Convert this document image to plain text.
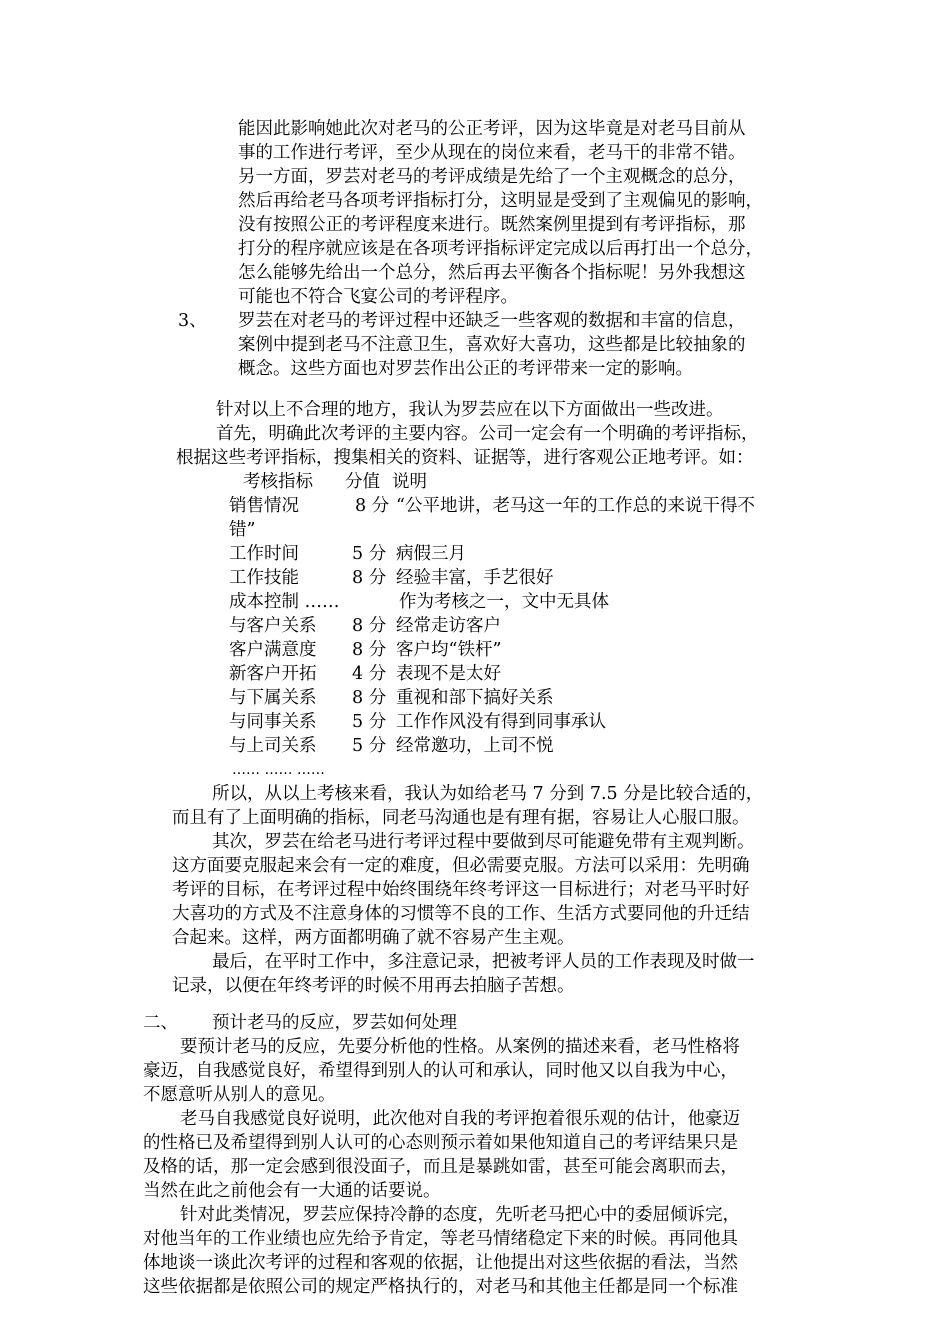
能因此影响她此次对老马的公正考评，因为这毕竟是对老马目前从
事的工作进行考评，至少从现在的岗位来看，老马干的非常不错。
另一方面，罗芸对老马的考评成绩是先给了一个主观概念的总分，
然后再给老马各项考评指标打分，这明显是受到了主观偏见的影响，
没有按照公正的考评程度来进行。既然案例里提到有考评指标，那
打分的程序就应该是在各项考评指标评定完成以后再打出一个总分，
怎么能够先给出一个总分，然后再去平衡各个指标呢！另外我想这
可能也不符合飞宴公司的考评程序。
3、 罗芸在对老马的考评过程中还缺乏一些客观的数据和丰富的信息，
案例中提到老马不注意卫生，喜欢好大喜功，这些都是比较抽象的
概念。这些方面也对罗芸作出公正的考评带来一定的影响。
针对以上不合理的地方，我认为罗芸应在以下方面做出一些改进。
首先，明确此次考评的主要内容。公司一定会有一个明确的考评指标，
根据这些考评指标，搜集相关的资料、证据等，进行客观公正地考评。如：
考核指标 分值 说明
销售情况	8 分 “公平地讲，老马这一年的工作总的来说干得不
错”
工作时间	5 分 病假三月
工作技能	8 分 经验丰富，手艺很好
成本控制 ……	作为考核之一，文中无具体
与客户关系 8 分 经常走访客户
客户满意度 8 分 客户均“铁杆”
新客户开拓 4 分 表现不是太好
与下属关系 8 分 重视和部下搞好关系
与同事关系 5 分 工作作风没有得到同事承认
与上司关系 5 分 经常邀功，上司不悦
…… …… ……
所以，从以上考核来看，我认为如给老马 7 分到 7.5 分是比较合适的，
而且有了上面明确的指标，同老马沟通也是有理有据，容易让人心服口服。
其次，罗芸在给老马进行考评过程中要做到尽可能避免带有主观判断。
这方面要克服起来会有一定的难度，但必需要克服。方法可以采用：先明确
考评的目标，在考评过程中始终围绕年终考评这一目标进行；对老马平时好
大喜功的方式及不注意身体的习惯等不良的工作、生活方式要同他的升迁结
合起来。这样，两方面都明确了就不容易产生主观。
最后，在平时工作中，多注意记录，把被考评人员的工作表现及时做一
记录，以便在年终考评的时候不用再去拍脑子苦想。
二、 预计老马的反应，罗芸如何处理
要预计老马的反应，先要分析他的性格。从案例的描述来看，老马性格将
豪迈，自我感觉良好，希望得到别人的认可和承认，同时他又以自我为中心，
不愿意听从别人的意见。
老马自我感觉良好说明，此次他对自我的考评抱着很乐观的估计，他豪迈
的性格已及希望得到别人认可的心态则预示着如果他知道自己的考评结果只是
及格的话，那一定会感到很没面子，而且是暴跳如雷，甚至可能会离职而去，
当然在此之前他会有一大通的话要说。
针对此类情况，罗芸应保持冷静的态度，先听老马把心中的委屈倾诉完，
对他当年的工作业绩也应先给予肯定，等老马情绪稳定下来的时候。再同他具
体地谈一谈此次考评的过程和客观的依据，让他提出对这些依据的看法，当然
这些依据都是依照公司的规定严格执行的，对老马和其他主任都是同一个标准
